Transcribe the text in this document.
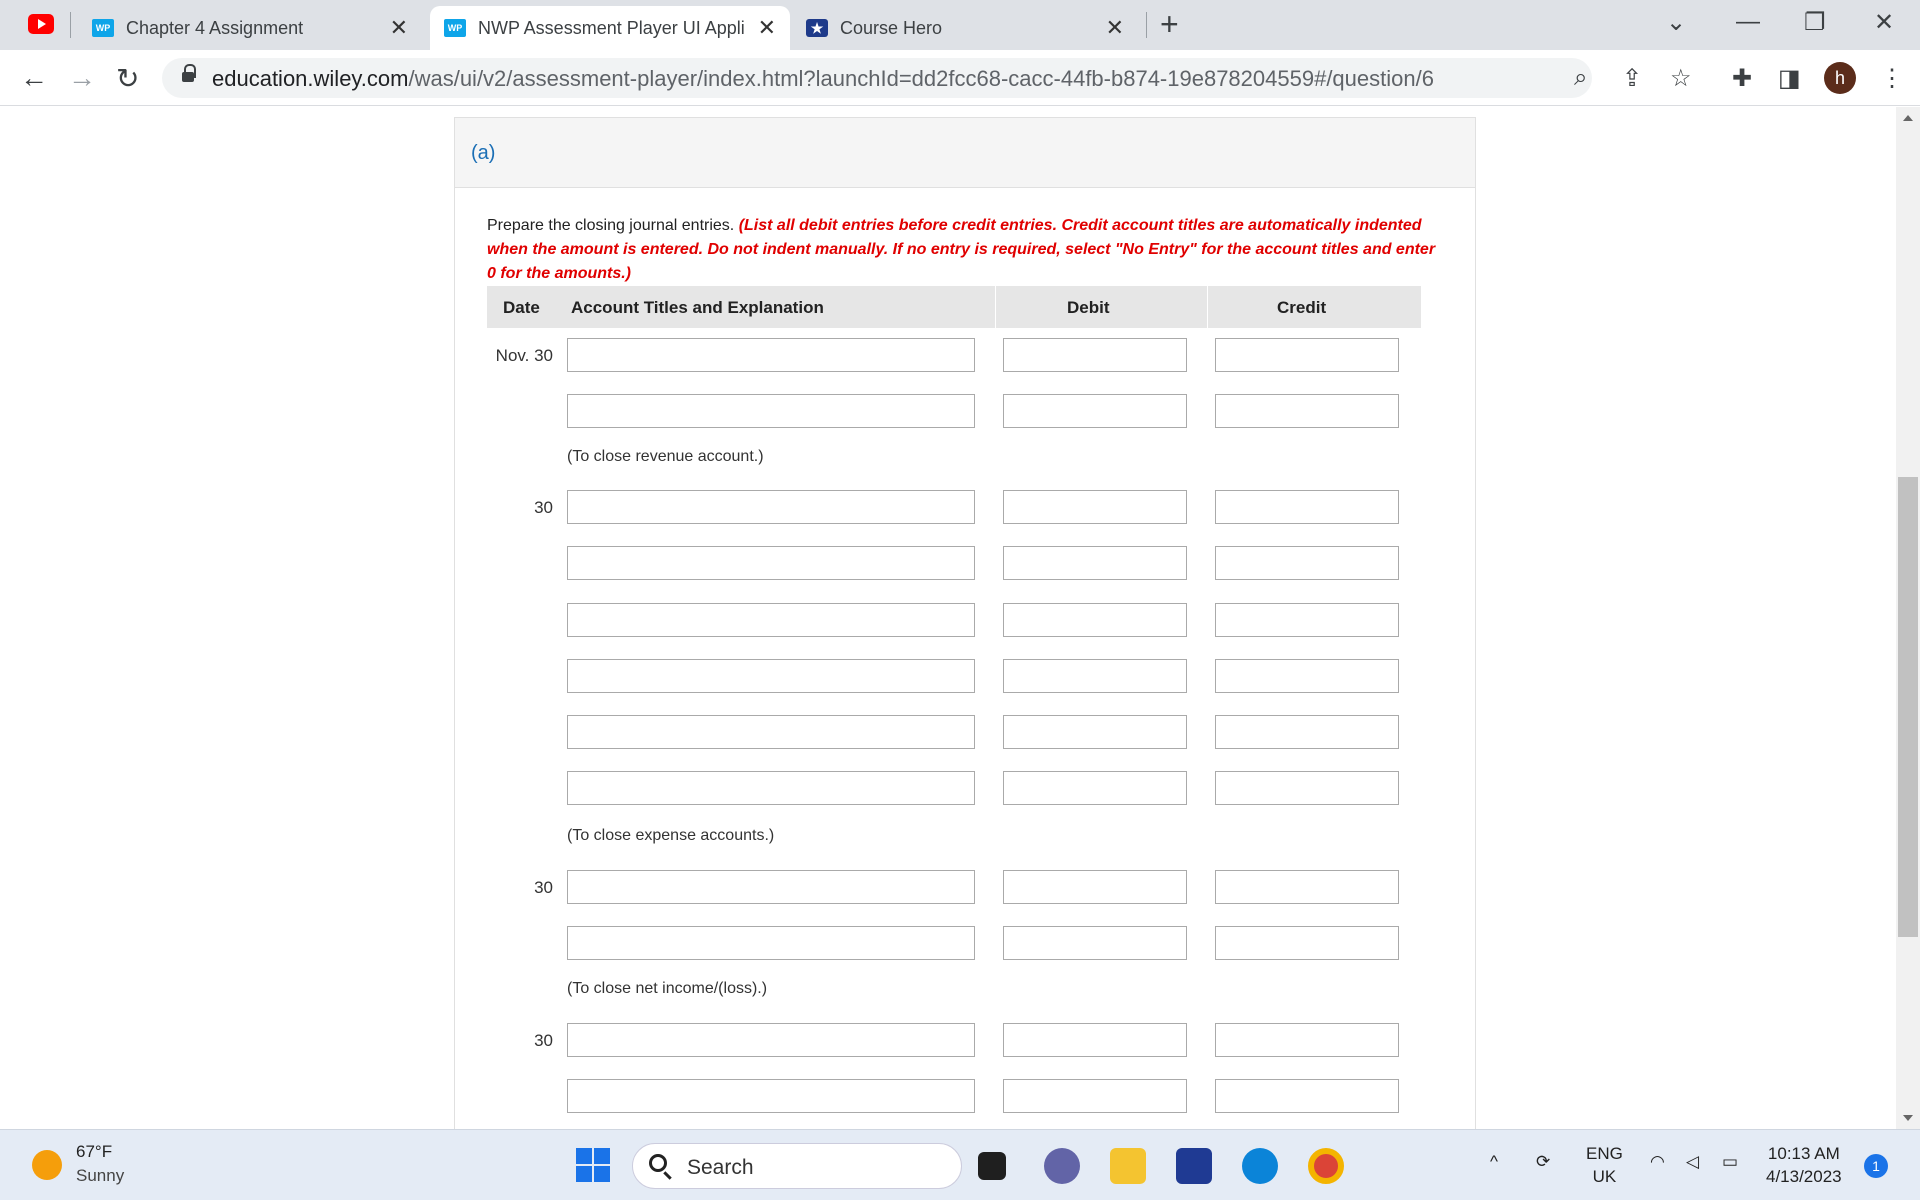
WP Chapter 4 Assignment	✕	WP NWP Assessment Player UI Appli ✕	★ Course Hero	✕ +	⌄ — ❐ ✕
← → ↻	education.wiley.com/was/ui/v2/assessment-player/index.html?launchId=dd2fcc68-cacc-44fb-b874-19e878204559#/question/6	⌕ ⇪ ☆ ✚ ◨	h	⋮
(a)
Prepare the closing journal entries. (List all debit entries before credit entries. Credit account titles are automatically indented when the amount is entered. Do not indent manually. If no entry is required, select "No Entry" for the account titles and enter 0 for the amounts.)
Date Account Titles and Explanation	Debit	Credit
Nov. 30
(To close revenue account.)
30
(To close expense accounts.)
30
(To close net income/(loss).)
30
67°F
Sunny	Search	^ ⟳ ENG
UK
◠ ◁ ▭ 10:13 AM
4/13/2023
1
